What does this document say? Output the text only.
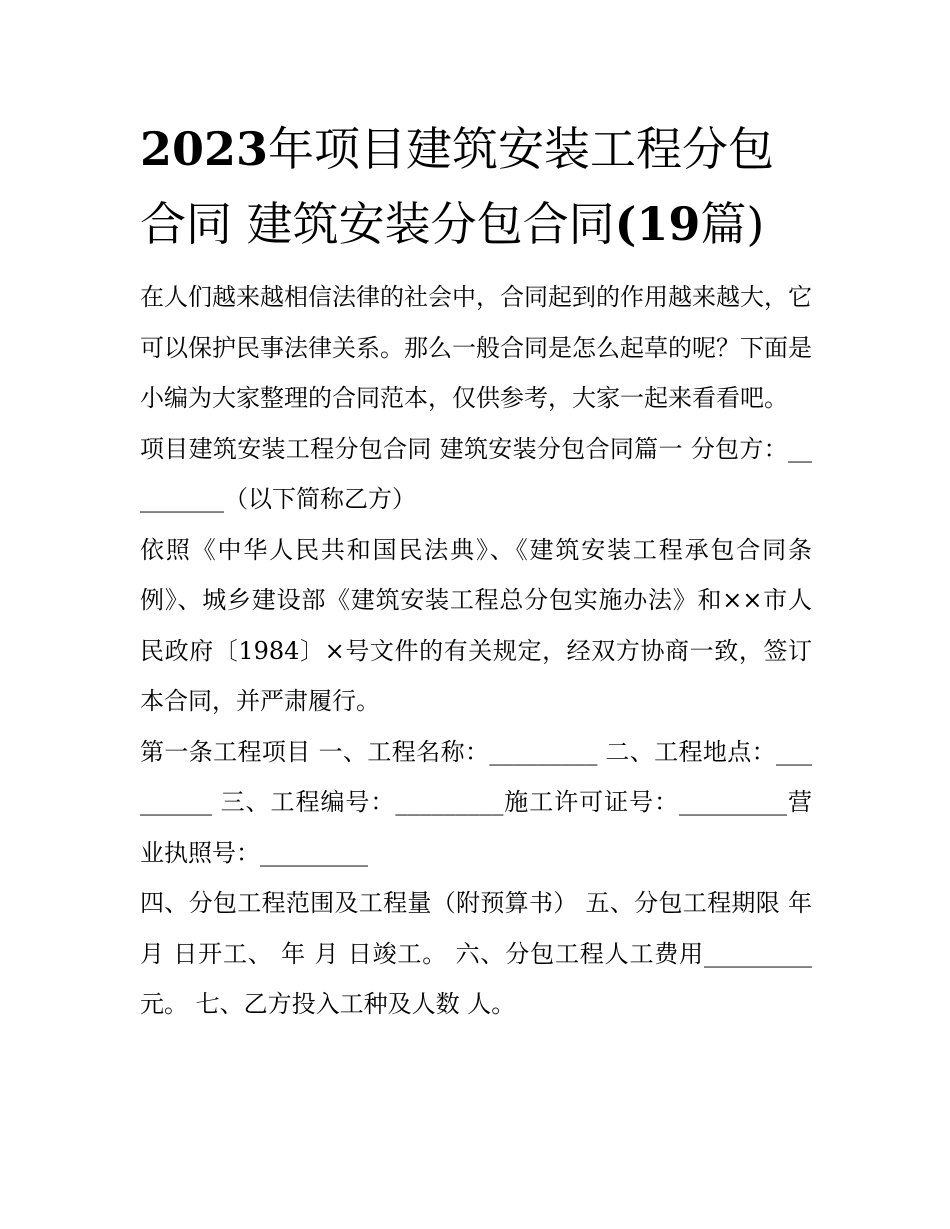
2023年项目建筑安装工程分包合同 建筑安装分包合同(19篇)

在人们越来越相信法律的社会中，合同起到的作用越来越大，它可以保护民事法律关系。那么一般合同是怎么起草的呢？下面是小编为大家整理的合同范本，仅供参考，大家一起来看看吧。

项目建筑安装工程分包合同 建筑安装分包合同篇一 分包方：_________（以下简称乙方）

依照《中华人民共和国民法典》、《建筑安装工程承包合同条例》、城乡建设部《建筑安装工程总分包实施办法》和××市人民政府〔1984〕×号文件的有关规定，经双方协商一致，签订本合同，并严肃履行。

第一条工程项目 一、工程名称：_________ 二、工程地点：_________ 三、工程编号：_________施工许可证号：_________营业执照号：_________

四、分包工程范围及工程量（附预算书） 五、分包工程期限 年 月 日开工、 年 月 日竣工。 六、分包工程人工费用_________元。 七、乙方投入工种及人数 人。
